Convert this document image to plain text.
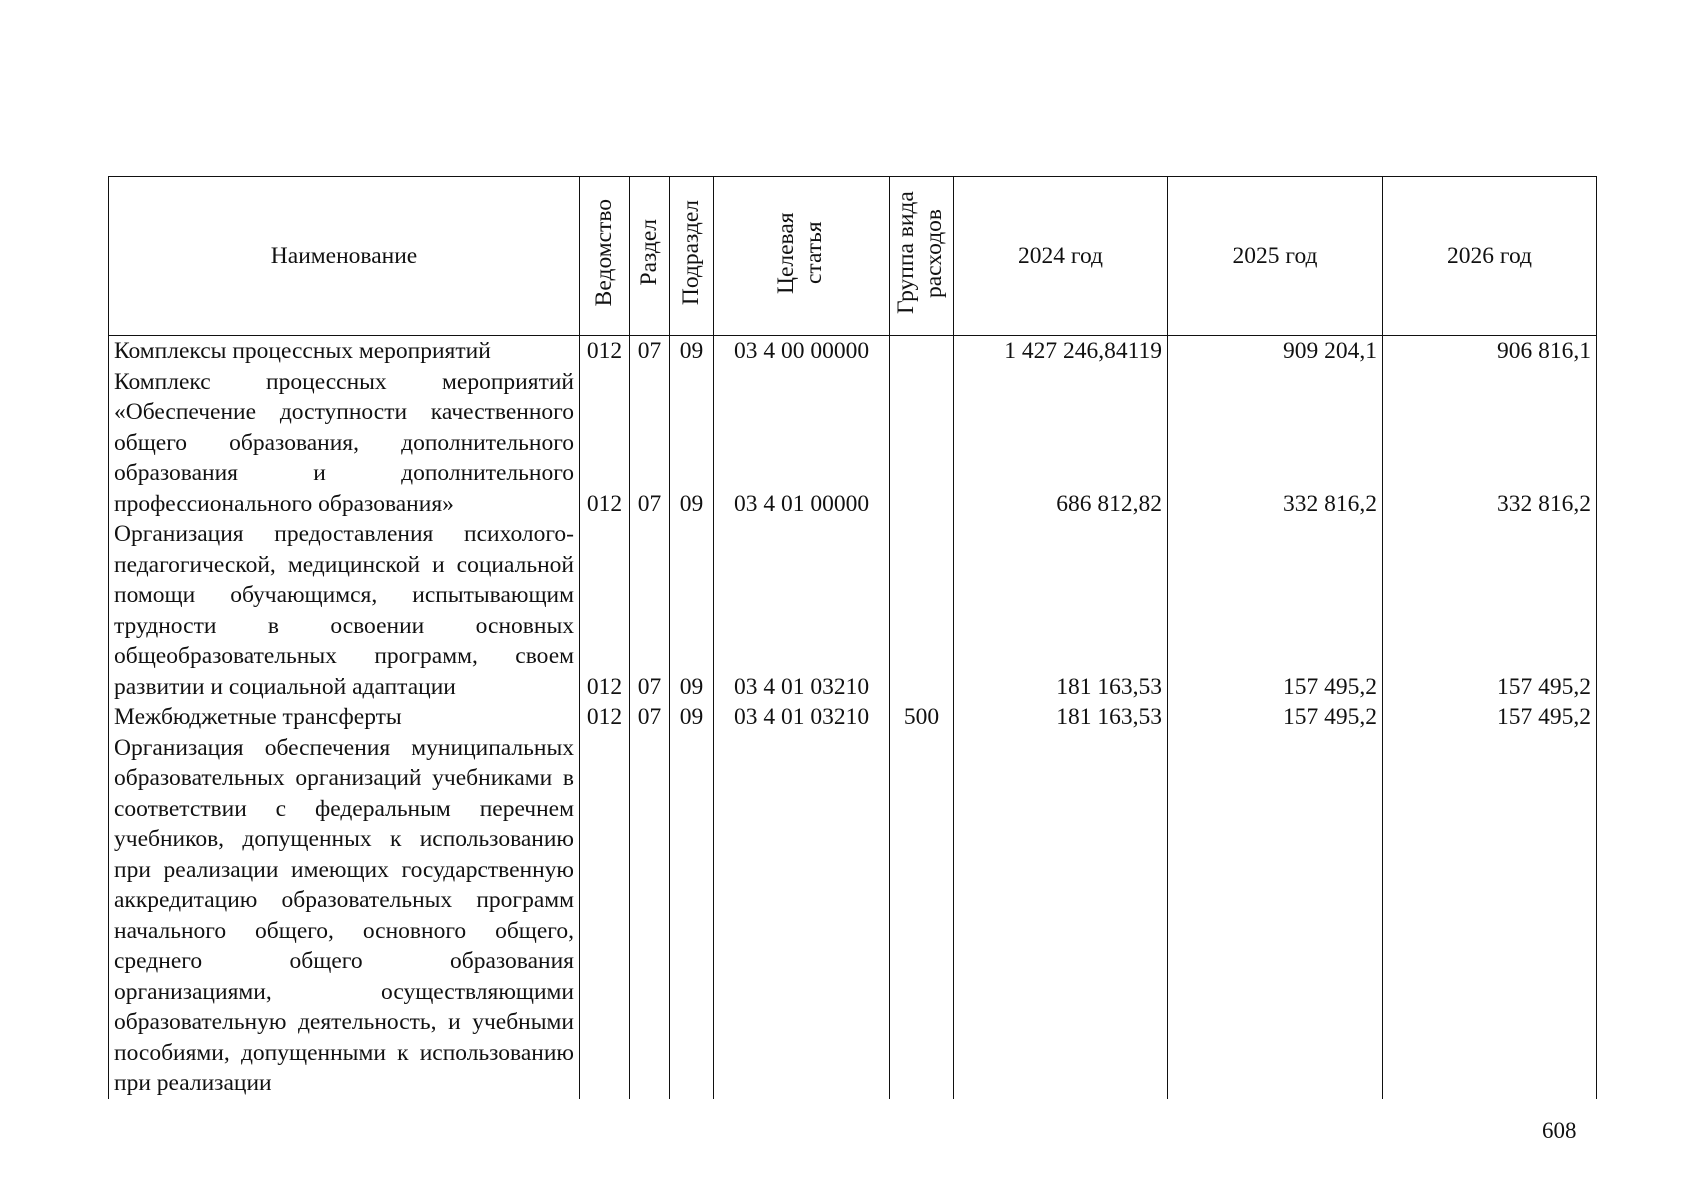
Наименование	Ведомство	Раздел	Подраздел	Целевая статья	Группа вида расходов	2024 год	2025 год	2026 год
Комплексы процессных мероприятий	012	07	09	03 4 00 00000		1 427 246,84119	909 204,1	906 816,1
Комплекс процессных мероприятий «Обеспечение доступности качественного общего образования, дополнительного образования и дополнительного профессионального образования»	012	07	09	03 4 01 00000		686 812,82	332 816,2	332 816,2
Организация предоставления психолого-педагогической, медицинской и социальной помощи обучающимся, испытывающим трудности в освоении основных общеобразовательных программ, своем развитии и социальной адаптации	012	07	09	03 4 01 03210		181 163,53	157 495,2	157 495,2
Межбюджетные трансферты	012	07	09	03 4 01 03210	500	181 163,53	157 495,2	157 495,2
Организация обеспечения муниципальных образовательных организаций учебниками в соответствии с федеральным перечнем учебников, допущенных к использованию при реализации имеющих государственную аккредитацию образовательных программ начального общего, основного общего, среднего общего образования организациями, осуществляющими образовательную деятельность, и учебными пособиями, допущенными к использованию при реализации								
608
